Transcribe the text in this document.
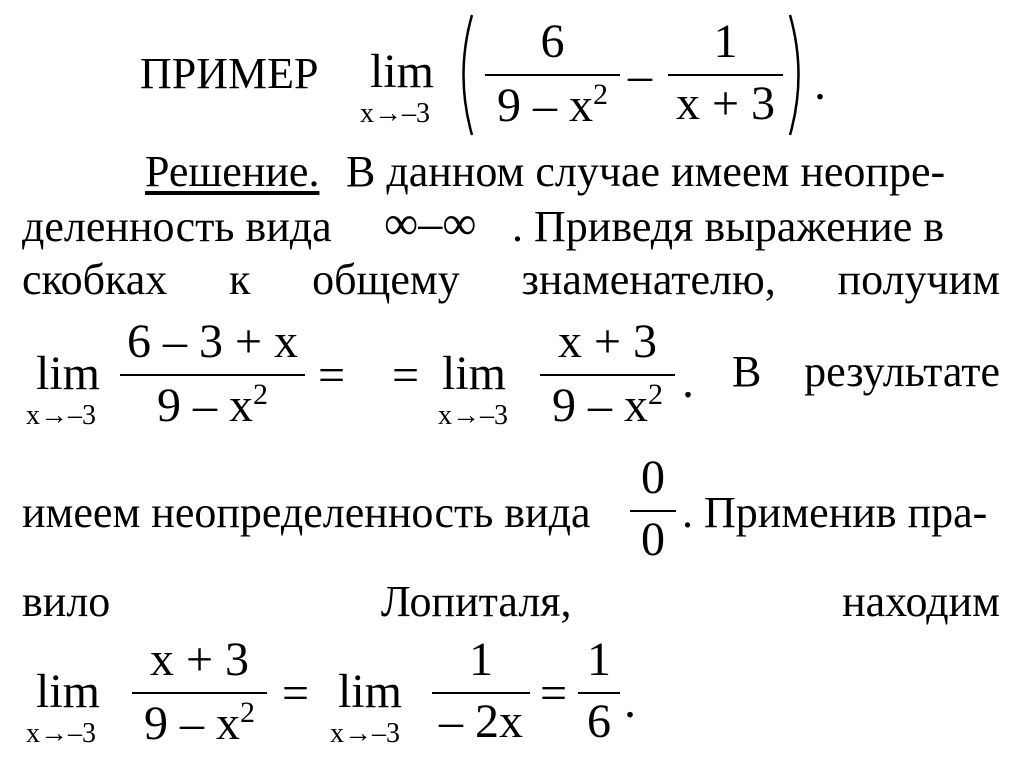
ПРИМЕР lim
x→–3
6
$9 - x^2$ –
1
x + 3 .
Решение. В данном случае имеем неопре-
деленность вида ∞–∞ . Приведя выражение в
скобках к общему знаменателю, получим
lim
x→–3
6 – 3 + x
$9 - x^2$ = = lim
x→–3
x + 3
$9 - x^2$ . В результате
имеем неопределенность вида
0
0
. Применив пра-
вило	Лопиталя,	находим
lim
x→–3
x + 3
$9 - x^2 = \lim$
x→–3
1
– 2x
=
1
6 .
